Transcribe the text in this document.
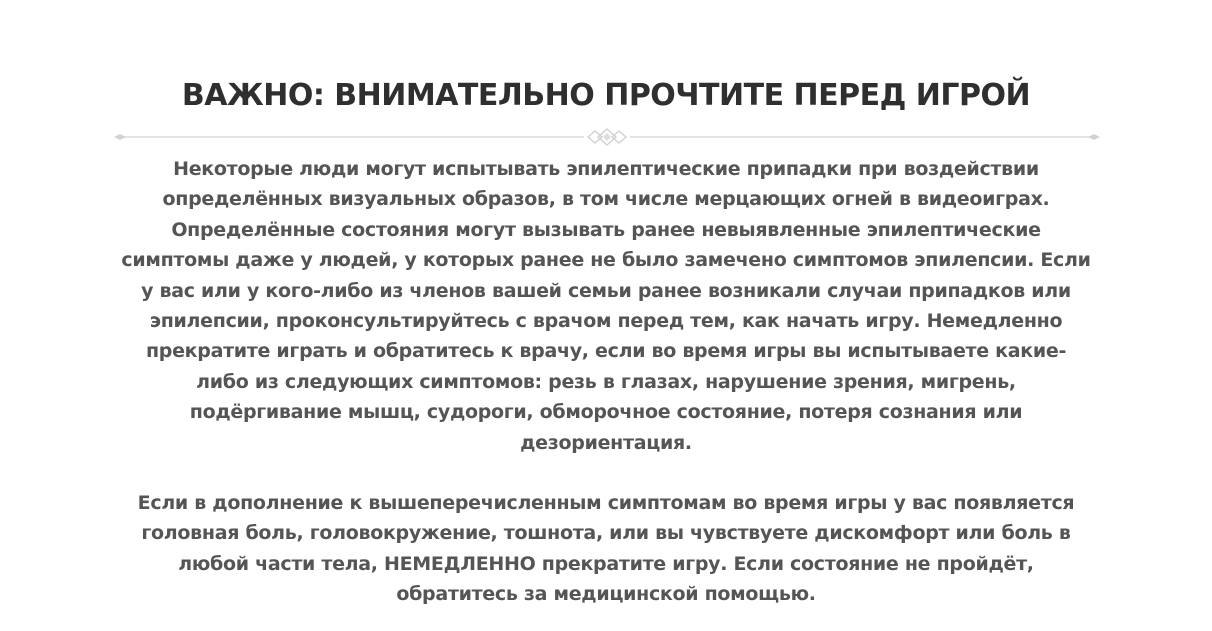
ВАЖНО: ВНИМАТЕЛЬНО ПРОЧТИТЕ ПЕРЕД ИГРОЙ

Некоторые люди могут испытывать эпилептические припадки при воздействии определённых визуальных образов, в том числе мерцающих огней в видеоиграх. Определённые состояния могут вызывать ранее невыявленные эпилептические симптомы даже у людей, у которых ранее не было замечено симптомов эпилепсии. Если у вас или у кого-либо из членов вашей семьи ранее возникали случаи припадков или эпилепсии, проконсультируйтесь с врачом перед тем, как начать игру. Немедленно прекратите играть и обратитесь к врачу, если во время игры вы испытываете какие-либо из следующих симптомов: резь в глазах, нарушение зрения, мигрень, подёргивание мышц, судороги, обморочное состояние, потеря сознания или дезориентация.

Если в дополнение к вышеперечисленным симптомам во время игры у вас появляется головная боль, головокружение, тошнота, или вы чувствуете дискомфорт или боль в любой части тела, НЕМЕДЛЕННО прекратите игру. Если состояние не пройдёт, обратитесь за медицинской помощью.
